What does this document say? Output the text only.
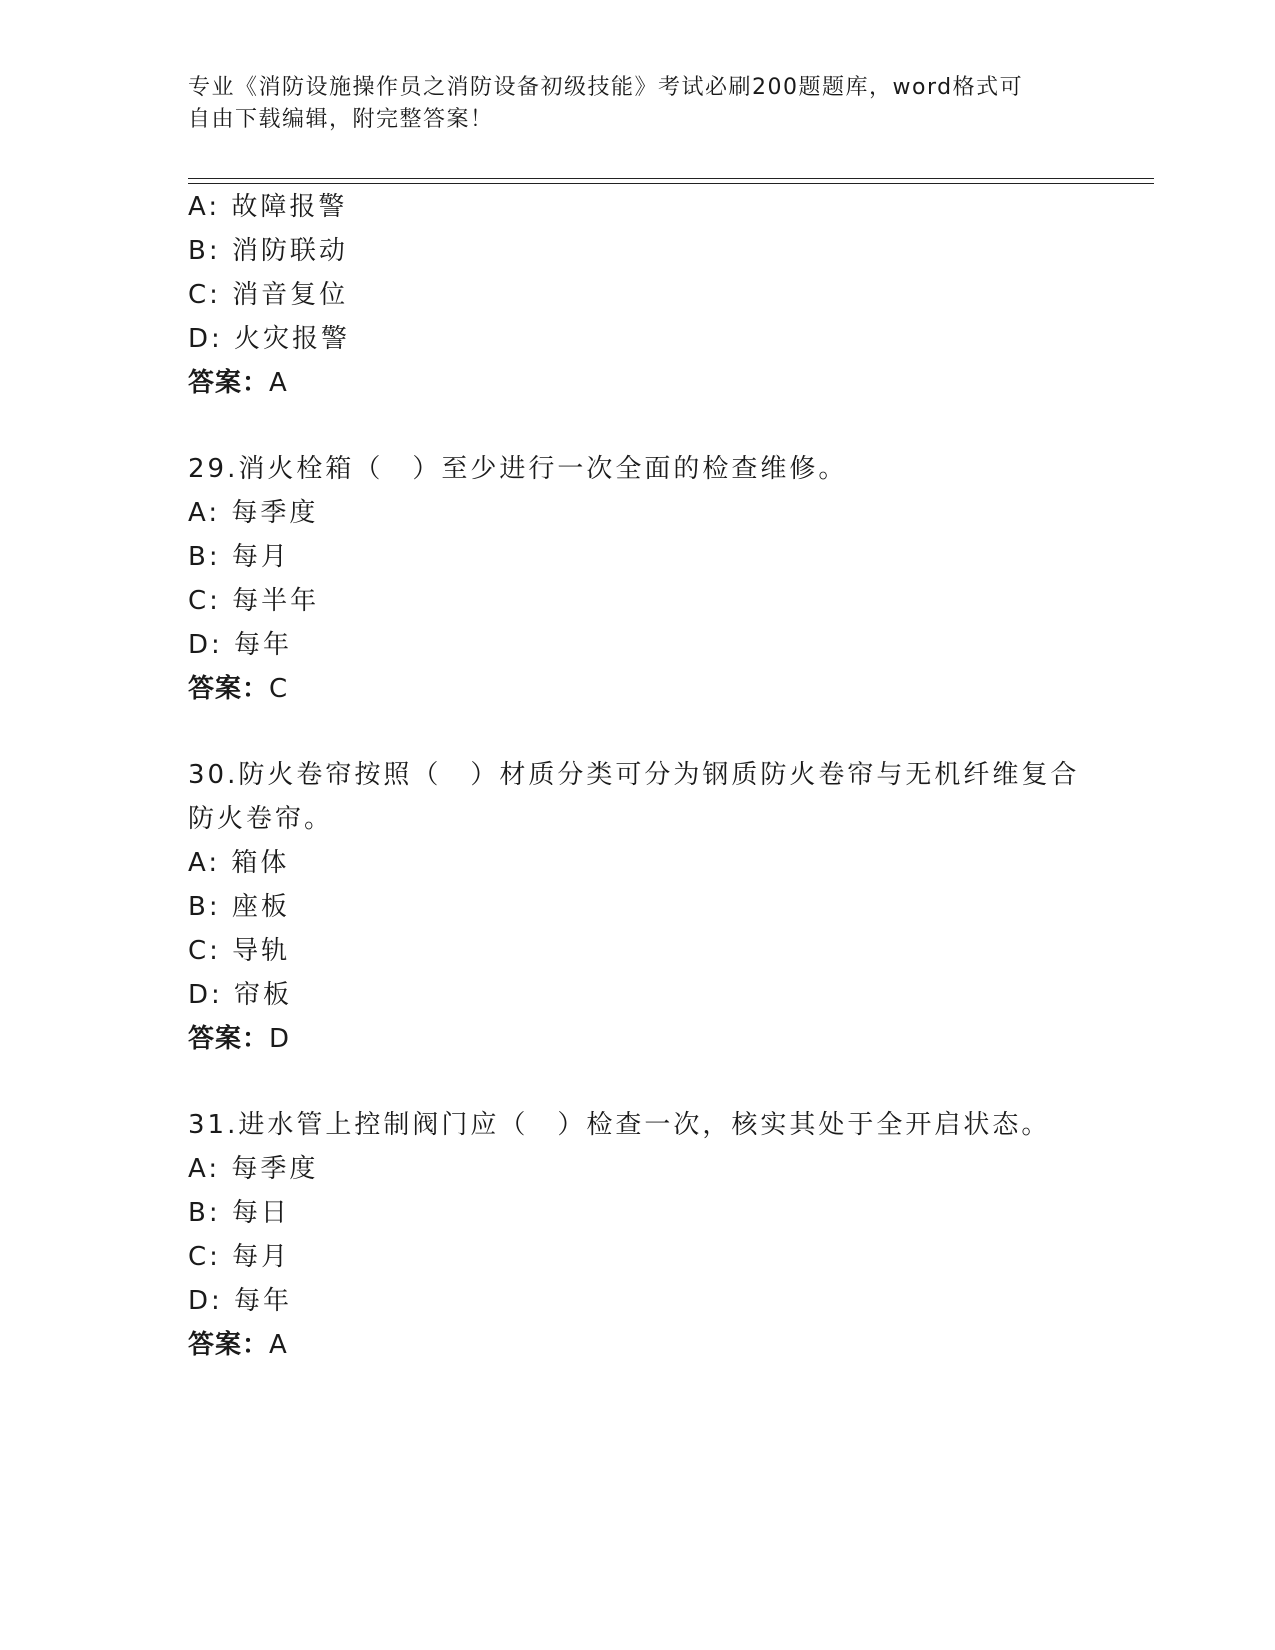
专业《消防设施操作员之消防设备初级技能》考试必刷200题题库，word格式可
自由下载编辑，附完整答案！
A: 故障报警
B: 消防联动
C: 消音复位
D: 火灾报警
答案：A
29.消火栓箱（　）至少进行一次全面的检查维修。
A: 每季度
B: 每月
C: 每半年
D: 每年
答案：C
30.防火卷帘按照（　）材质分类可分为钢质防火卷帘与无机纤维复合
防火卷帘。
A: 箱体
B: 座板
C: 导轨
D: 帘板
答案：D
31.进水管上控制阀门应（　）检查一次，核实其处于全开启状态。
A: 每季度
B: 每日
C: 每月
D: 每年
答案：A
